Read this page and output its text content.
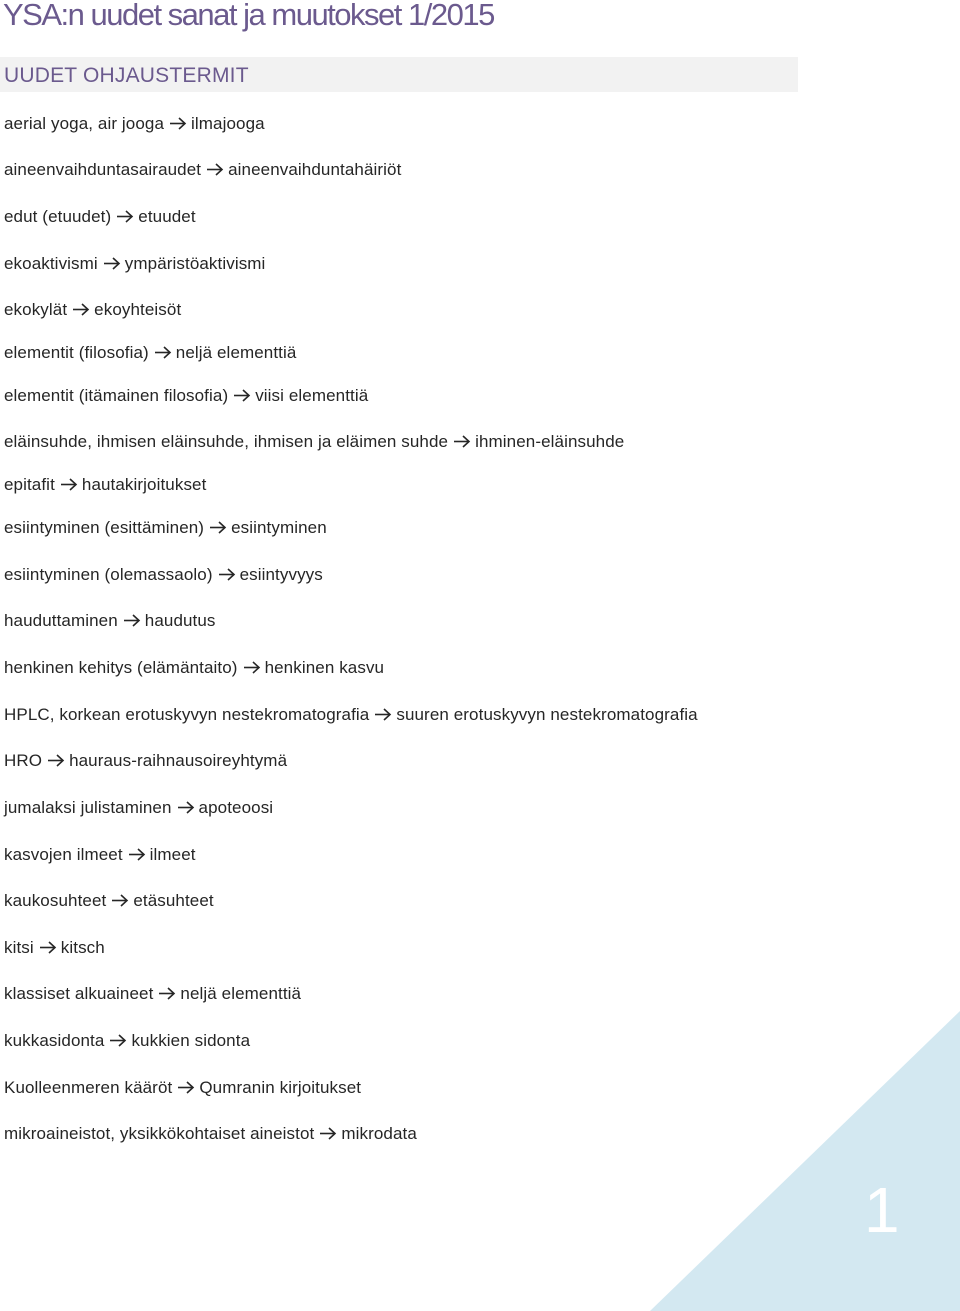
YSA:n uudet sanat ja muutokset 1/2015
UUDET OHJAUSTERMIT
aerial yoga, air jooga ilmajooga
aineenvaihduntasairaudet aineenvaihduntahäiriöt
edut (etuudet) etuudet
ekoaktivismi ympäristöaktivismi
ekokylät ekoyhteisöt
elementit (filosofia) neljä elementtiä
elementit (itämainen filosofia) viisi elementtiä
eläinsuhde, ihmisen eläinsuhde, ihmisen ja eläimen suhde ihminen-eläinsuhde
epitafit hautakirjoitukset
esiintyminen (esittäminen) esiintyminen
esiintyminen (olemassaolo) esiintyvyys
hauduttaminen haudutus
henkinen kehitys (elämäntaito) henkinen kasvu
HPLC, korkean erotuskyvyn nestekromatografia suuren erotuskyvyn nestekromatografia
HRO hauraus-raihnausoireyhtymä
jumalaksi julistaminen apoteoosi
kasvojen ilmeet ilmeet
kaukosuhteet etäsuhteet
kitsi kitsch
klassiset alkuaineet neljä elementtiä
kukkasidonta kukkien sidonta
Kuolleenmeren kääröt Qumranin kirjoitukset
mikroaineistot, yksikkökohtaiset aineistot mikrodata
1
